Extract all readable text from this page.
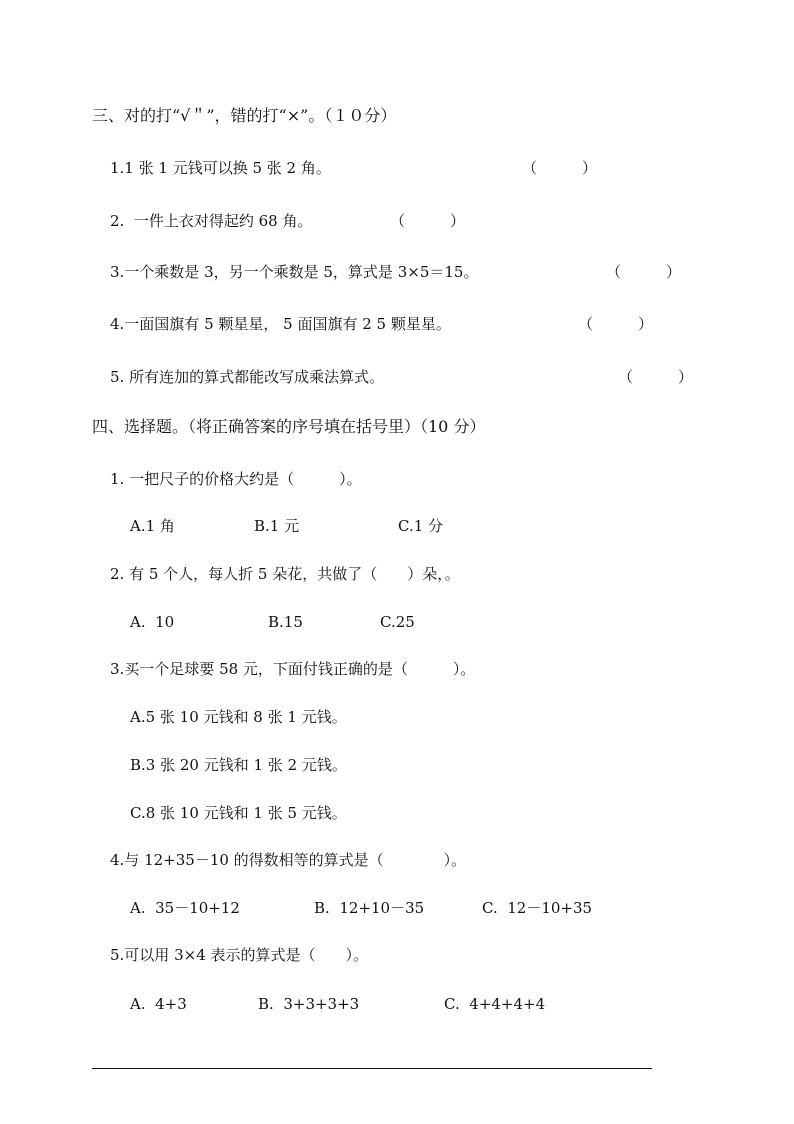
三、对的打“√＂”，错的打“×”。（１０分）
1.1 张 1 元钱可以换 5 张 2 角。	（　　　）
2.  一件上衣对得起约 68 角。	（　　　）
3.一个乘数是 3，另一个乘数是 5，算式是 3×5＝15。	（　　　）
4.一面国旗有 5 颗星星， 5 面国旗有 2 5 颗星星。	（　　　）
5. 所有连加的算式都能改写成乘法算式。	（　　　）
四、选择题。（将正确答案的序号填在括号里）（10 分）
1. 一把尺子的价格大约是（　　　）。
A.1 角	B.1 元	C.1 分
2. 有 5 个人，每人折 5 朵花，共做了（　　）朵，。
A.  10	B.15	C.25
3.买一个足球要 58 元，下面付钱正确的是（　　　）。
A.5 张 10 元钱和 8 张 1 元钱。
B.3 张 20 元钱和 1 张 2 元钱。
C.8 张 10 元钱和 1 张 5 元钱。
4.与 12+35－10 的得数相等的算式是（　　　　）。
A.  35－10+12	B.  12+10－35	C.  12－10+35
5.可以用 3×4 表示的算式是（　　）。
A.  4+3	B.  3+3+3+3	C.  4+4+4+4
